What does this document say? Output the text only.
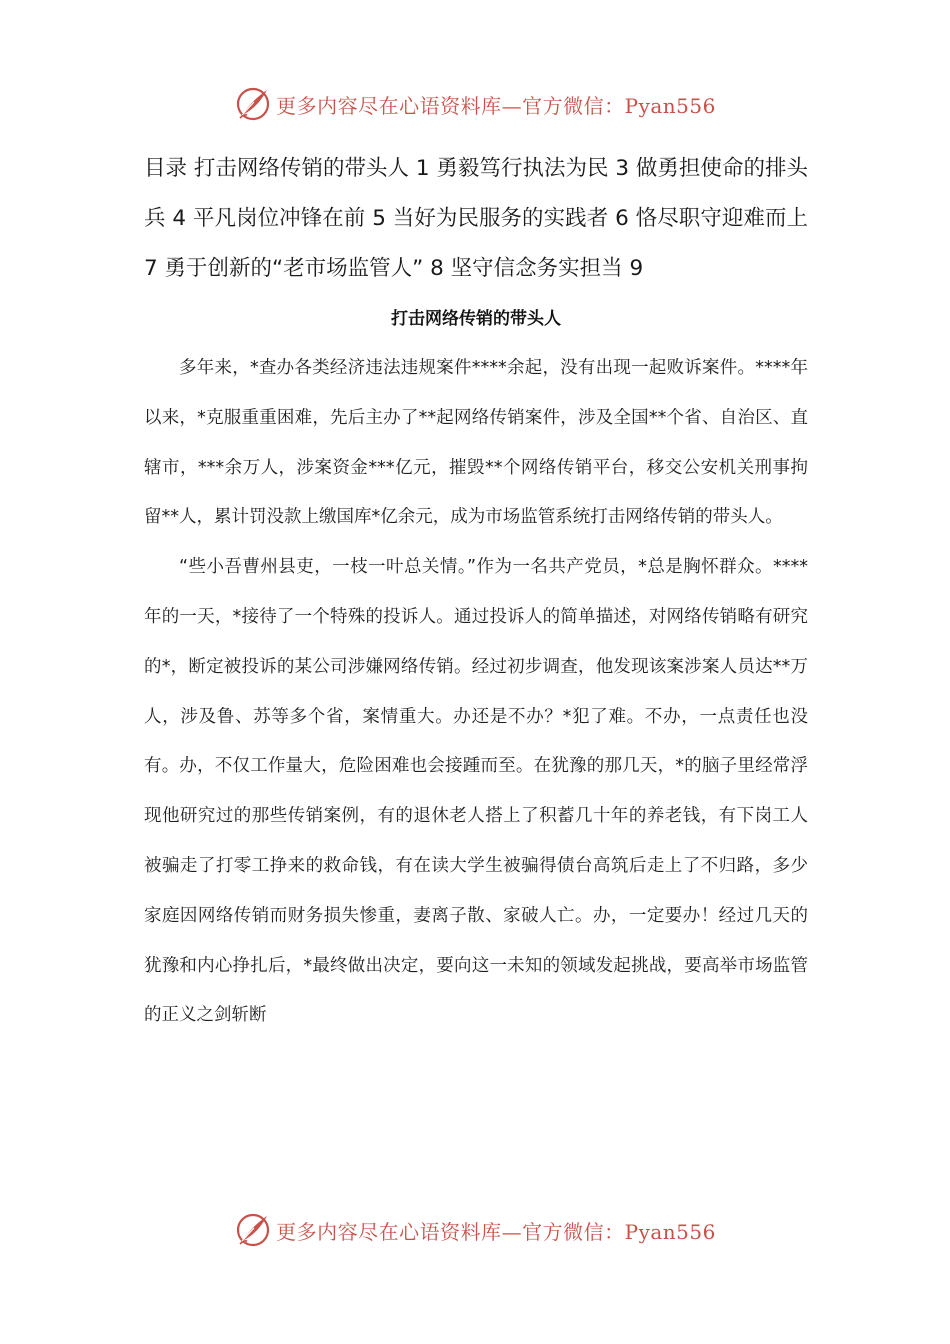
更多内容尽在心语资料库—官方微信：Pyan556

目录 打击网络传销的带头人 1 勇毅笃行执法为民 3 做勇担使命的排头兵 4 平凡岗位冲锋在前 5 当好为民服务的实践者 6 恪尽职守迎难而上 7 勇于创新的“老市场监管人” 8 坚守信念务实担当 9

打击网络传销的带头人

多年来，*查办各类经济违法违规案件****余起，没有出现一起败诉案件。****年以来，*克服重重困难，先后主办了**起网络传销案件，涉及全国**个省、自治区、直辖市，***余万人，涉案资金***亿元，摧毁**个网络传销平台，移交公安机关刑事拘留**人，累计罚没款上缴国库*亿余元，成为市场监管系统打击网络传销的带头人。

“些小吾曹州县吏，一枝一叶总关情。”作为一名共产党员，*总是胸怀群众。****年的一天，*接待了一个特殊的投诉人。通过投诉人的简单描述，对网络传销略有研究的*，断定被投诉的某公司涉嫌网络传销。经过初步调查，他发现该案涉案人员达**万人，涉及鲁、苏等多个省，案情重大。办还是不办？*犯了难。不办，一点责任也没有。办，不仅工作量大，危险困难也会接踵而至。在犹豫的那几天，*的脑子里经常浮现他研究过的那些传销案例，有的退休老人搭上了积蓄几十年的养老钱，有下岗工人被骗走了打零工挣来的救命钱，有在读大学生被骗得债台高筑后走上了不归路，多少家庭因网络传销而财务损失惨重，妻离子散、家破人亡。办，一定要办！经过几天的犹豫和内心挣扎后，*最终做出决定，要向这一未知的领域发起挑战，要高举市场监管的正义之剑斩断

更多内容尽在心语资料库—官方微信：Pyan556
